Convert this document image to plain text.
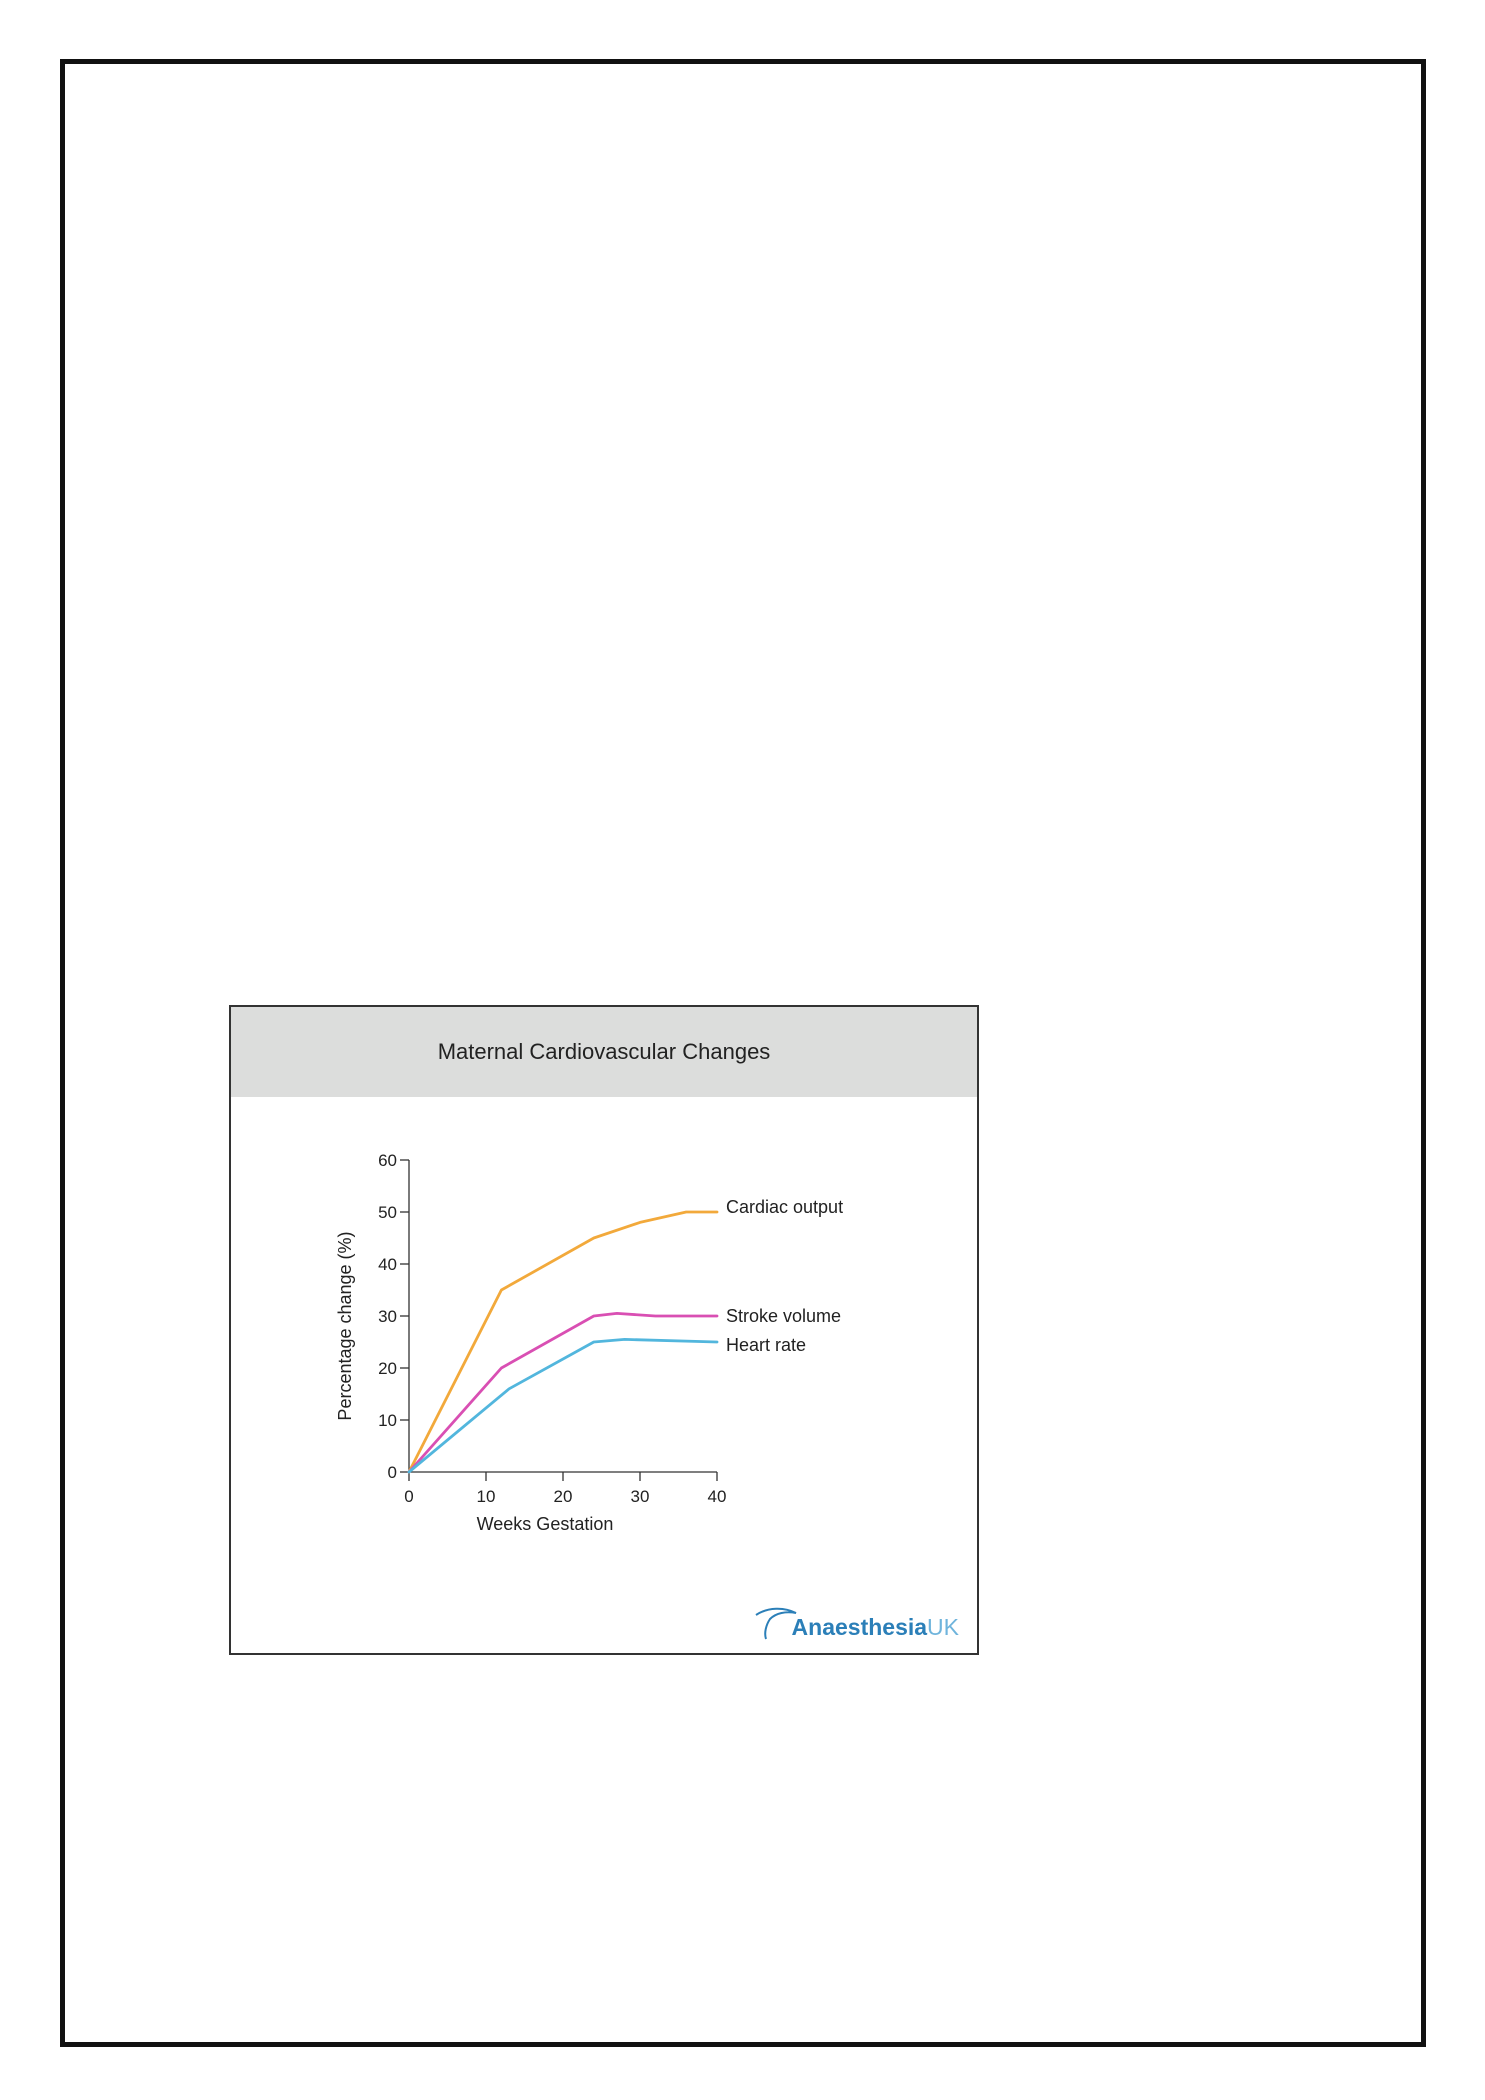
Maternal Cardiovascular Changes
0
10
20
30
40
50
60
0	10	20	30	40
Weeks Gestation
Percentage change (%)
Cardiac output
Stroke volume
Heart rate
Anaesthesia UK
